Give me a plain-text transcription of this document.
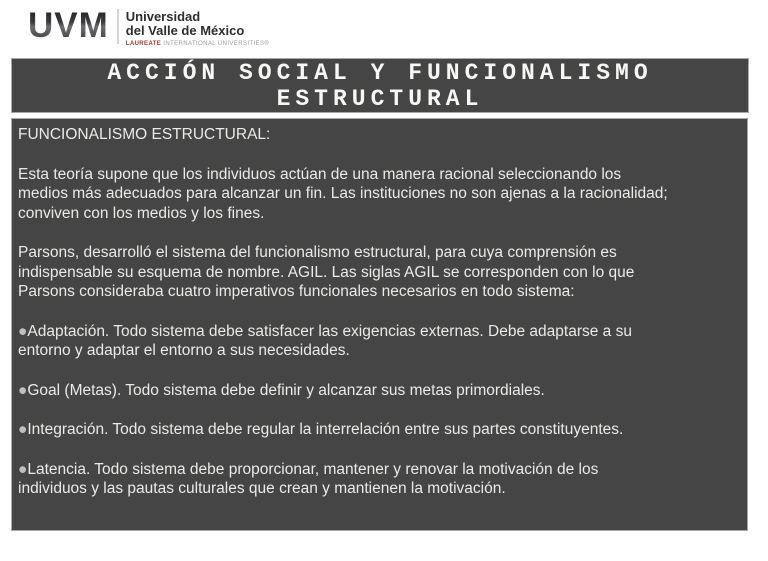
UVM Universidad
del Valle de México
LAUREATE INTERNATIONAL UNIVERSITIES®
ACCIÓN SOCIAL Y FUNCIONALISMO
ESTRUCTURAL
FUNCIONALISMO ESTRUCTURAL:
Esta teoría supone que los individuos actúan de una manera racional seleccionando los
medios más adecuados para alcanzar un fin. Las instituciones no son ajenas a la racionalidad;
conviven con los medios y los fines.
Parsons, desarrolló el sistema del funcionalismo estructural, para cuya comprensión es
indispensable su esquema de nombre. AGIL. Las siglas AGIL se corresponden con lo que
Parsons consideraba cuatro imperativos funcionales necesarios en todo sistema:
●Adaptación. Todo sistema debe satisfacer las exigencias externas. Debe adaptarse a su
entorno y adaptar el entorno a sus necesidades.
●Goal (Metas). Todo sistema debe definir y alcanzar sus metas primordiales.
●Integración. Todo sistema debe regular la interrelación entre sus partes constituyentes.
●Latencia. Todo sistema debe proporcionar, mantener y renovar la motivación de los
individuos y las pautas culturales que crean y mantienen la motivación.
